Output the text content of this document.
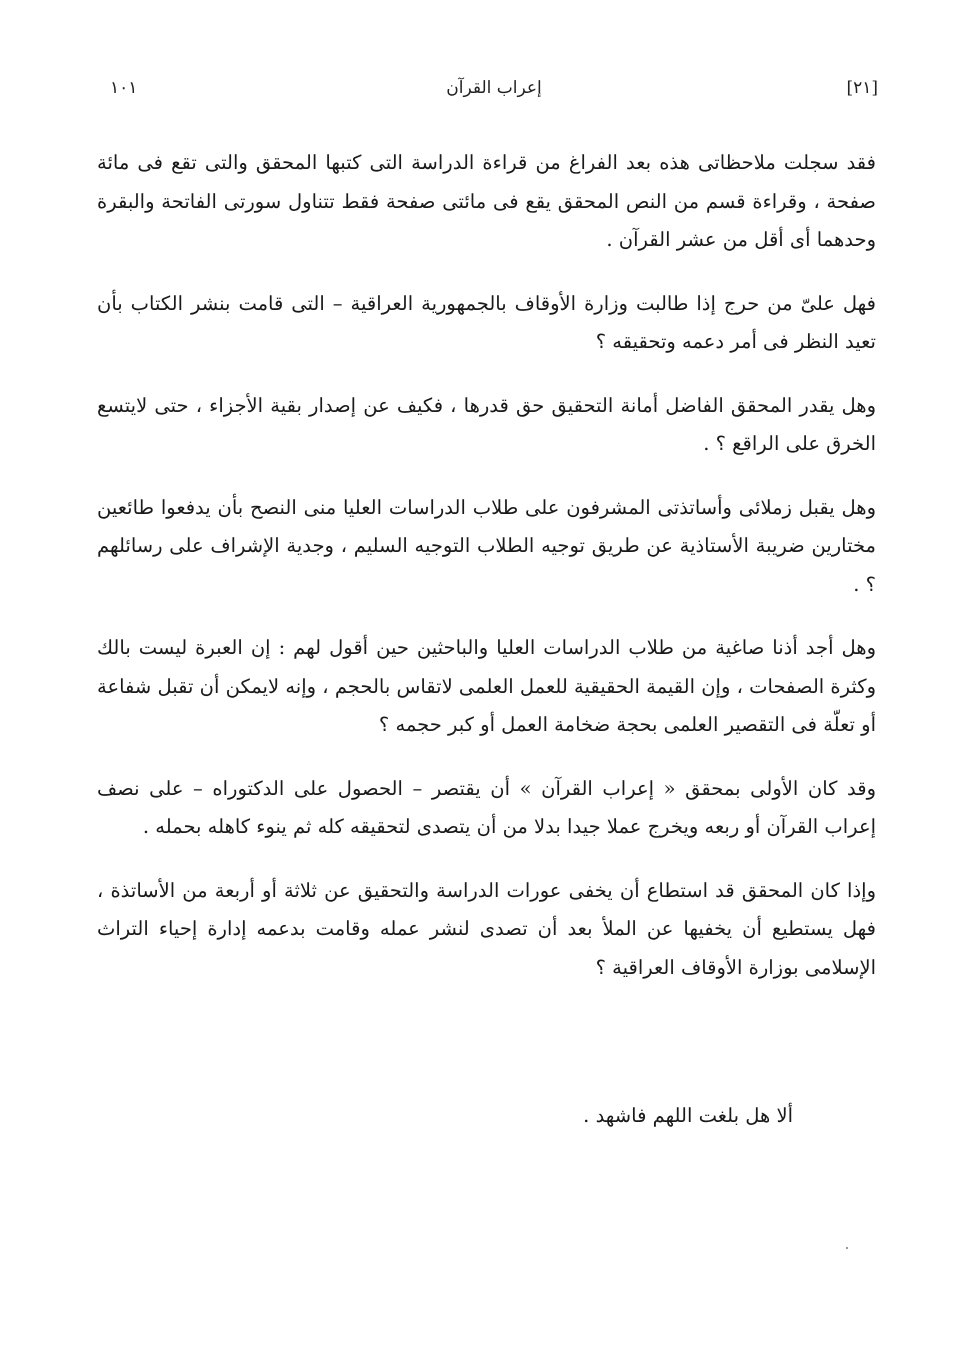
١٠١	إعراب القرآن	[٢١]

فقد سجلت ملاحظاتى هذه بعد الفراغ من قراءة الدراسة التى كتبها المحقق والتى تقع فى مائة صفحة ، وقراءة قسم من النص المحقق يقع فى مائتى صفحة فقط تتناول سورتى الفاتحة والبقرة وحدهما أى أقل من عشر القرآن .

فهل علىّ من حرج إذا طالبت وزارة الأوقاف بالجمهورية العراقية – التى قامت بنشر الكتاب بأن تعيد النظر فى أمر دعمه وتحقيقه ؟

وهل يقدر المحقق الفاضل أمانة التحقيق حق قدرها ، فكيف عن إصدار بقية الأجزاء ، حتى لايتسع الخرق على الراقع ؟ .

وهل يقبل زملائى وأساتذتى المشرفون على طلاب الدراسات العليا منى النصح بأن يدفعوا طائعين مختارين ضريبة الأستاذية عن طريق توجيه الطلاب التوجيه السليم ، وجدية الإشراف على رسائلهم ؟ .

وهل أجد أذنا صاغية من طلاب الدراسات العليا والباحثين حين أقول لهم : إن العبرة ليست بالك وكثرة الصفحات ، وإن القيمة الحقيقية للعمل العلمى لاتقاس بالحجم ، وإنه لايمكن أن تقبل شفاعة أو تعلّة فى التقصير العلمى بحجة ضخامة العمل أو كبر حجمه ؟

وقد كان الأولى بمحقق « إعراب القرآن » أن يقتصر – الحصول على الدكتوراه – على نصف إعراب القرآن أو ربعه ويخرج عملا جيدا بدلا من أن يتصدى لتحقيقه كله ثم ينوء كاهله بحمله .

وإذا كان المحقق قد استطاع أن يخفى عورات الدراسة والتحقيق عن ثلاثة أو أربعة من الأساتذة ، فهل يستطيع أن يخفيها عن الملأ بعد أن تصدى لنشر عمله وقامت بدعمه إدارة إحياء التراث الإسلامى بوزارة الأوقاف العراقية ؟

ألا هل بلغت اللهم فاشهد .
